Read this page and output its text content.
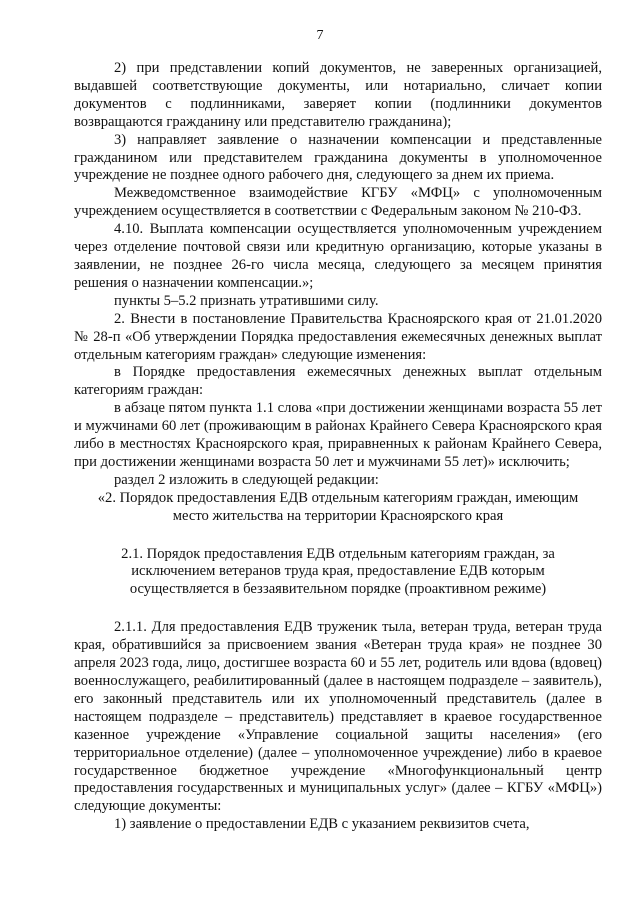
7

2) при представлении копий документов, не заверенных организацией, выдавшей соответствующие документы, или нотариально, сличает копии документов с подлинниками, заверяет копии (подлинники документов возвращаются гражданину или представителю гражданина);

3) направляет заявление о назначении компенсации и представленные гражданином или представителем гражданина документы в уполномоченное учреждение не позднее одного рабочего дня, следующего за днем их приема.

Межведомственное взаимодействие КГБУ «МФЦ» с уполномоченным учреждением осуществляется в соответствии с Федеральным законом № 210-ФЗ.

4.10. Выплата компенсации осуществляется уполномоченным учреждением через отделение почтовой связи или кредитную организацию, которые указаны в заявлении, не позднее 26-го числа месяца, следующего за месяцем принятия решения о назначении компенсации.»;

пункты 5–5.2 признать утратившими силу.

2. Внести в постановление Правительства Красноярского края от 21.01.2020 № 28-п «Об утверждении Порядка предоставления ежемесячных денежных выплат отдельным категориям граждан» следующие изменения:

в Порядке предоставления ежемесячных денежных выплат отдельным категориям граждан:

в абзаце пятом пункта 1.1 слова «при достижении женщинами возраста 55 лет и мужчинами 60 лет (проживающим в районах Крайнего Севера Красноярского края либо в местностях Красноярского края, приравненных к районам Крайнего Севера, при достижении женщинами возраста 50 лет и мужчинами 55 лет)» исключить;

раздел 2 изложить в следующей редакции:

«2. Порядок предоставления ЕДВ отдельным категориям граждан, имеющим место жительства на территории Красноярского края

2.1. Порядок предоставления ЕДВ отдельным категориям граждан, за исключением ветеранов труда края, предоставление ЕДВ которым осуществляется в беззаявительном порядке (проактивном режиме)

2.1.1. Для предоставления ЕДВ труженик тыла, ветеран труда, ветеран труда края, обратившийся за присвоением звания «Ветеран труда края» не позднее 30 апреля 2023 года, лицо, достигшее возраста 60 и 55 лет, родитель или вдова (вдовец) военнослужащего, реабилитированный (далее в настоящем подразделе – заявитель), его законный представитель или их уполномоченный представитель (далее в настоящем подразделе – представитель) представляет в краевое государственное казенное учреждение «Управление социальной защиты населения» (его территориальное отделение) (далее – уполномоченное учреждение) либо в краевое государственное бюджетное учреждение «Многофункциональный центр предоставления государственных и муниципальных услуг» (далее – КГБУ «МФЦ») следующие документы:

1) заявление о предоставлении ЕДВ с указанием реквизитов счета,
